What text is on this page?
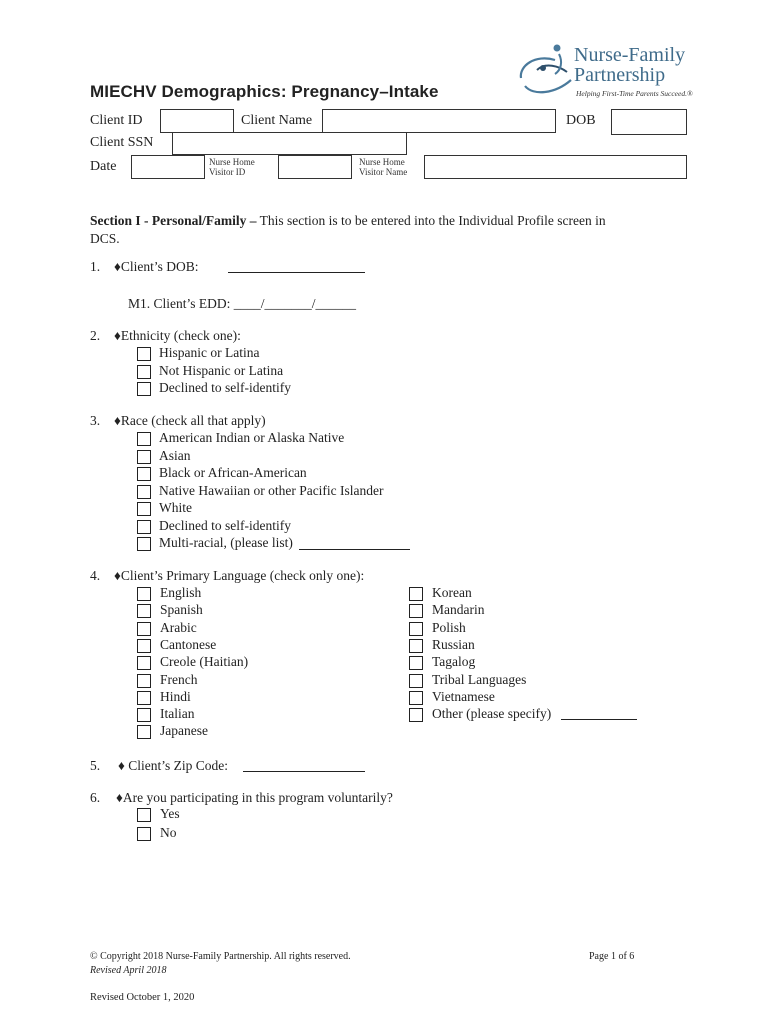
Nurse-Family
Partnership
Helping First-Time Parents Succeed.®
MIECHV Demographics: Pregnancy–Intake
Client ID	Client Name	DOB
Client SSN
Date	Nurse Home
Visitor ID
Nurse Home
Visitor Name
Section I - Personal/Family – This section is to be entered into the Individual Profile screen in
DCS.
1. ♦Client’s DOB:
M1. Client’s EDD: ____/_______/______
2. ♦Ethnicity (check one):
Hispanic or Latina
Not Hispanic or Latina
Declined to self-identify
3. ♦Race (check all that apply)
American Indian or Alaska Native
Asian
Black or African-American
Native Hawaiian or other Pacific Islander
White
Declined to self-identify
Multi-racial, (please list)
4. ♦Client’s Primary Language (check only one):
English
Spanish
Arabic
Cantonese
Creole (Haitian)
French
Hindi
Italian
Japanese
Korean
Mandarin
Polish
Russian
Tagalog
Tribal Languages
Vietnamese
Other (please specify)
5. ♦ Client’s Zip Code:
6. ♦Are you participating in this program voluntarily?
Yes
No
© Copyright 2018 Nurse-Family Partnership. All rights reserved.	Page 1 of 6
Revised April 2018
Revised October 1, 2020
